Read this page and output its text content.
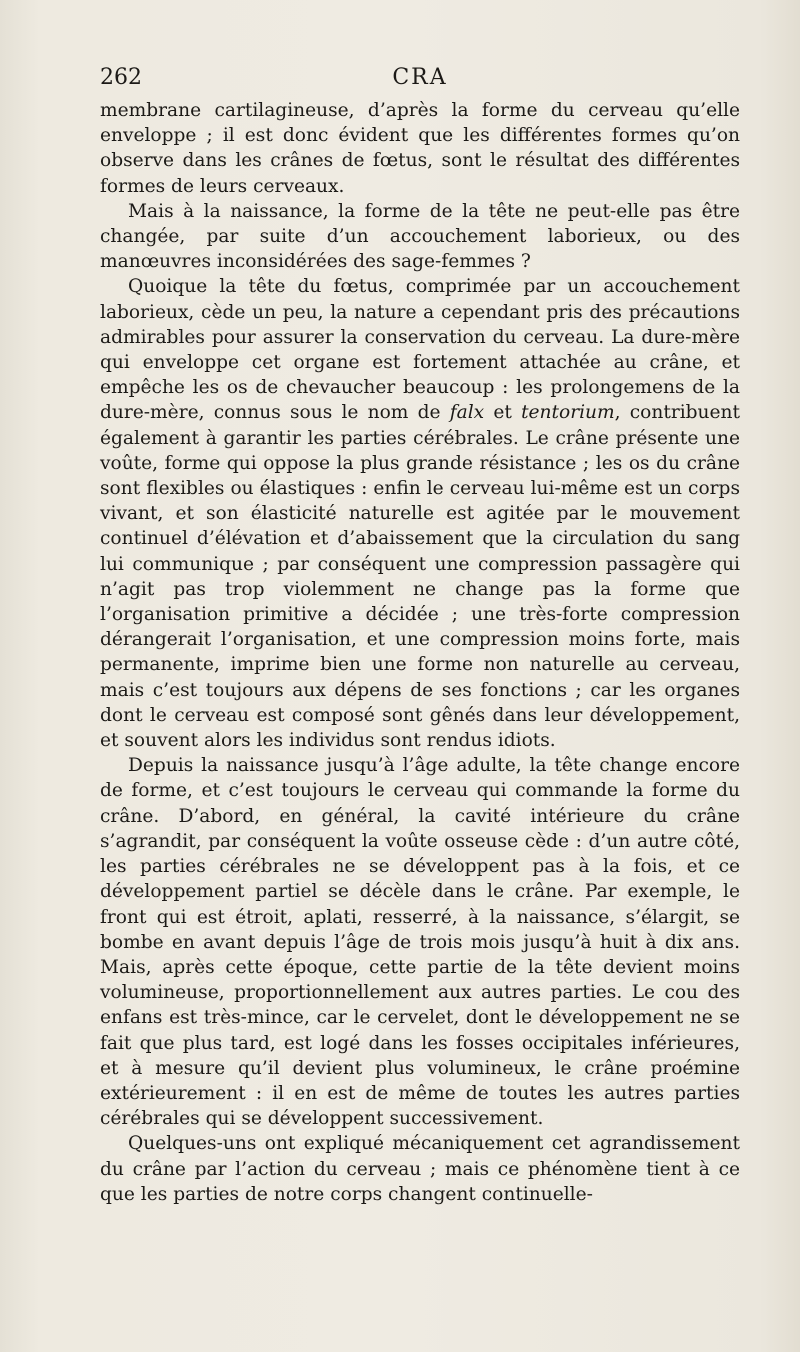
262	CRA

membrane cartilagineuse, d’après la forme du cerveau qu’elle enveloppe ; il est donc évident que les différentes formes qu’on observe dans les crânes de fœtus, sont le résultat des différentes formes de leurs cerveaux.

Mais à la naissance, la forme de la tête ne peut-elle pas être changée, par suite d’un accouchement laborieux, ou des manœuvres inconsidérées des sage-femmes ?

Quoique la tête du fœtus, comprimée par un accouchement laborieux, cède un peu, la nature a cependant pris des précautions admirables pour assurer la conservation du cerveau. La dure-mère qui enveloppe cet organe est fortement attachée au crâne, et empêche les os de chevaucher beaucoup : les prolongemens de la dure-mère, connus sous le nom de falx et tentorium, contribuent également à garantir les parties cérébrales. Le crâne présente une voûte, forme qui oppose la plus grande résistance ; les os du crâne sont flexibles ou élastiques : enfin le cerveau lui-même est un corps vivant, et son élasticité naturelle est agitée par le mouvement continuel d’élévation et d’abaissement que la circulation du sang lui communique ; par conséquent une compression passagère qui n’agit pas trop violemment ne change pas la forme que l’organisation primitive a décidée ; une très-forte compression dérangerait l’organisation, et une compression moins forte, mais permanente, imprime bien une forme non naturelle au cerveau, mais c’est toujours aux dépens de ses fonctions ; car les organes dont le cerveau est composé sont gênés dans leur développement, et souvent alors les individus sont rendus idiots.

Depuis la naissance jusqu’à l’âge adulte, la tête change encore de forme, et c’est toujours le cerveau qui commande la forme du crâne. D’abord, en général, la cavité intérieure du crâne s’agrandit, par conséquent la voûte osseuse cède : d’un autre côté, les parties cérébrales ne se développent pas à la fois, et ce développement partiel se décèle dans le crâne. Par exemple, le front qui est étroit, aplati, resserré, à la naissance, s’élargit, se bombe en avant depuis l’âge de trois mois jusqu’à huit à dix ans. Mais, après cette époque, cette partie de la tête devient moins volumineuse, proportionnellement aux autres parties. Le cou des enfans est très-mince, car le cervelet, dont le développement ne se fait que plus tard, est logé dans les fosses occipitales inférieures, et à mesure qu’il devient plus volumineux, le crâne proémine extérieurement : il en est de même de toutes les autres parties cérébrales qui se développent successivement.

Quelques-uns ont expliqué mécaniquement cet agrandissement du crâne par l’action du cerveau ; mais ce phénomène tient à ce que les parties de notre corps changent continuelle-
